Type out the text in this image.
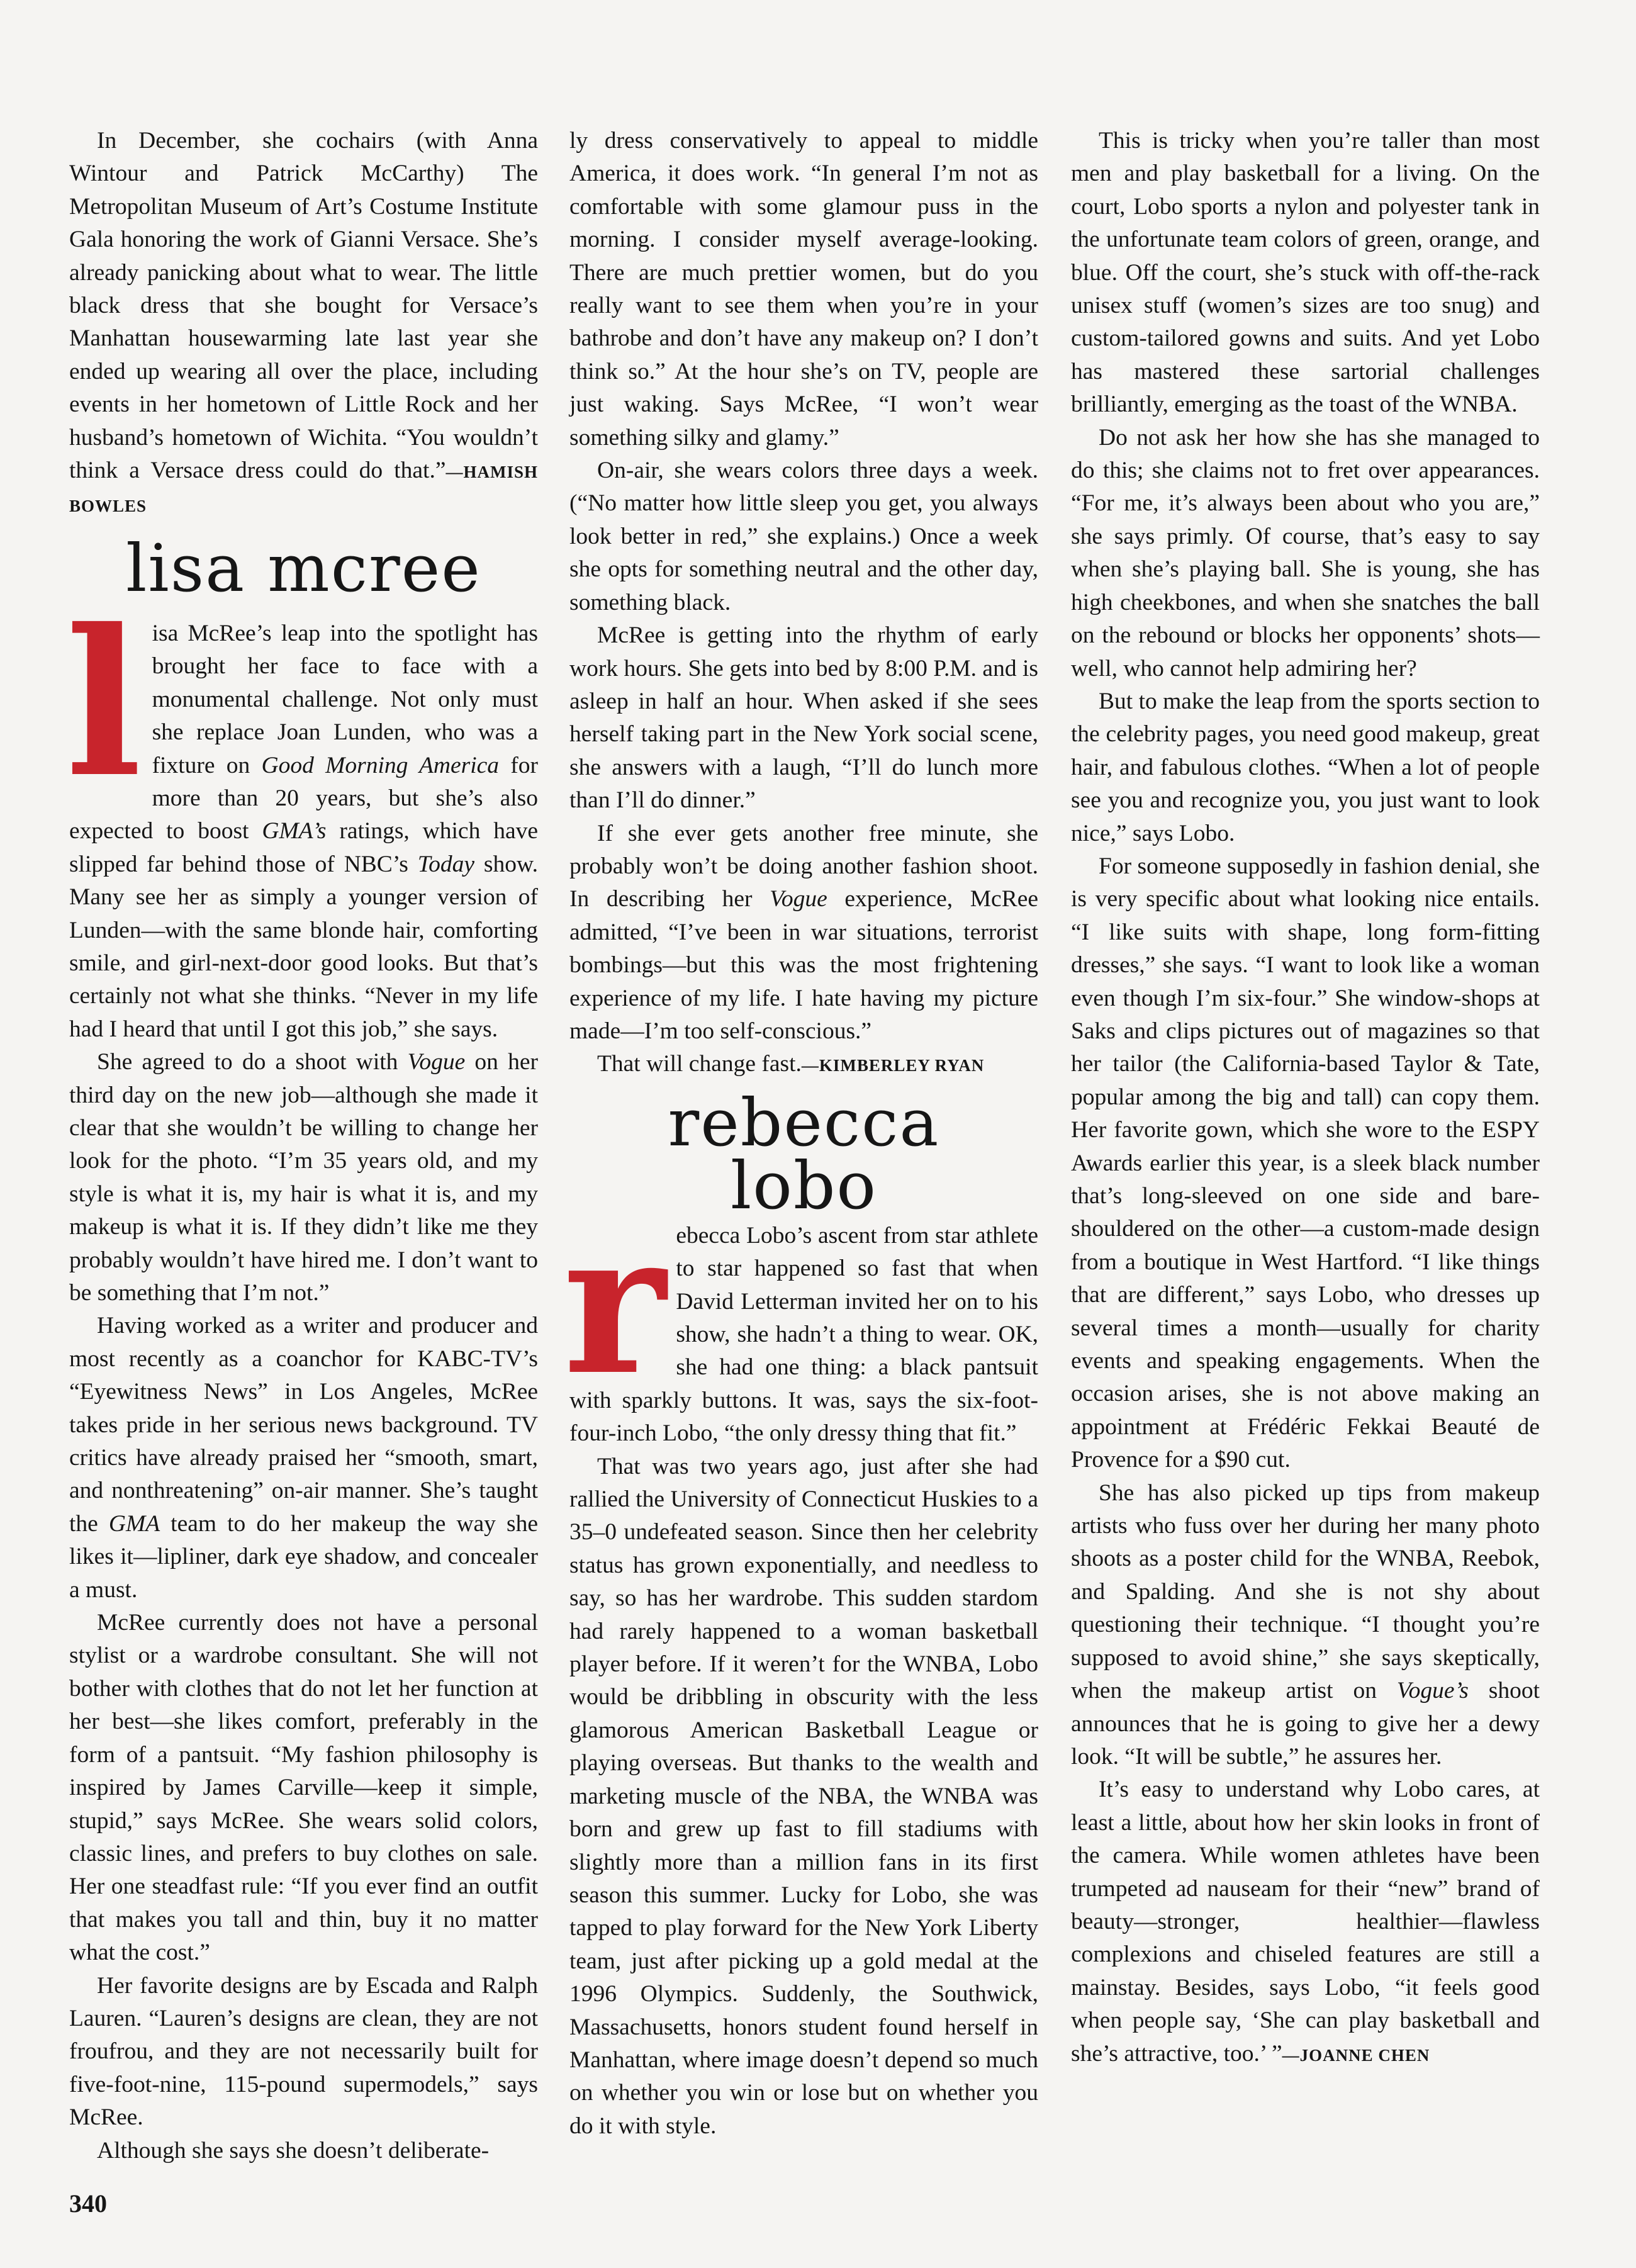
In December, she cochairs (with Anna Wintour and Patrick McCarthy) The Metropolitan Museum of Art’s Costume Institute Gala honoring the work of Gianni Versace. She’s already panicking about what to wear. The little black dress that she bought for Versace’s Manhattan housewarming late last year she ended up wearing all over the place, including events in her hometown of Little Rock and her husband’s hometown of Wichita. “You wouldn’t think a Versace dress could do that.”—HAMISH BOWLES

lisa mcree

lisa McRee’s leap into the spotlight has brought her face to face with a monumental challenge. Not only must she replace Joan Lunden, who was a fixture on Good Morning America for more than 20 years, but she’s also expected to boost GMA’s ratings, which have slipped far behind those of NBC’s Today show. Many see her as simply a younger version of Lunden—with the same blonde hair, comforting smile, and girl-next-door good looks. But that’s certainly not what she thinks. “Never in my life had I heard that until I got this job,” she says.

She agreed to do a shoot with Vogue on her third day on the new job—although she made it clear that she wouldn’t be willing to change her look for the photo. “I’m 35 years old, and my style is what it is, my hair is what it is, and my makeup is what it is. If they didn’t like me they probably wouldn’t have hired me. I don’t want to be something that I’m not.”

Having worked as a writer and producer and most recently as a coanchor for KABC-TV’s “Eyewitness News” in Los Angeles, McRee takes pride in her serious news background. TV critics have already praised her “smooth, smart, and nonthreatening” on-air manner. She’s taught the GMA team to do her makeup the way she likes it—lipliner, dark eye shadow, and concealer a must.

McRee currently does not have a personal stylist or a wardrobe consultant. She will not bother with clothes that do not let her function at her best—she likes comfort, preferably in the form of a pantsuit. “My fashion philosophy is inspired by James Carville—keep it simple, stupid,” says McRee. She wears solid colors, classic lines, and prefers to buy clothes on sale. Her one steadfast rule: “If you ever find an outfit that makes you tall and thin, buy it no matter what the cost.”

Her favorite designs are by Escada and Ralph Lauren. “Lauren’s designs are clean, they are not froufrou, and they are not necessarily built for five-foot-nine, 115-pound supermodels,” says McRee.

Although she says she doesn’t deliberate-

ly dress conservatively to appeal to middle America, it does work. “In general I’m not as comfortable with some glamour puss in the morning. I consider myself average-looking. There are much prettier women, but do you really want to see them when you’re in your bathrobe and don’t have any makeup on? I don’t think so.” At the hour she’s on TV, people are just waking. Says McRee, “I won’t wear something silky and glamy.”

On-air, she wears colors three days a week. (“No matter how little sleep you get, you always look better in red,” she explains.) Once a week she opts for something neutral and the other day, something black.

McRee is getting into the rhythm of early work hours. She gets into bed by 8:00 P.M. and is asleep in half an hour. When asked if she sees herself taking part in the New York social scene, she answers with a laugh, “I’ll do lunch more than I’ll do dinner.”

If she ever gets another free minute, she probably won’t be doing another fashion shoot. In describing her Vogue experience, McRee admitted, “I’ve been in war situations, terrorist bombings—but this was the most frightening experience of my life. I hate having my picture made—I’m too self-conscious.”

That will change fast.—KIMBERLEY RYAN

rebecca
lobo

rebecca Lobo’s ascent from star athlete to star happened so fast that when David Letterman invited her on to his show, she hadn’t a thing to wear. OK, she had one thing: a black pantsuit with sparkly buttons. It was, says the six-foot-four-inch Lobo, “the only dressy thing that fit.”

That was two years ago, just after she had rallied the University of Connecticut Huskies to a 35–0 undefeated season. Since then her celebrity status has grown exponentially, and needless to say, so has her wardrobe. This sudden stardom had rarely happened to a woman basketball player before. If it weren’t for the WNBA, Lobo would be dribbling in obscurity with the less glamorous American Basketball League or playing overseas. But thanks to the wealth and marketing muscle of the NBA, the WNBA was born and grew up fast to fill stadiums with slightly more than a million fans in its first season this summer. Lucky for Lobo, she was tapped to play forward for the New York Liberty team, just after picking up a gold medal at the 1996 Olympics. Suddenly, the Southwick, Massachusetts, honors student found herself in Manhattan, where image doesn’t depend so much on whether you win or lose but on whether you do it with style.

This is tricky when you’re taller than most men and play basketball for a living. On the court, Lobo sports a nylon and polyester tank in the unfortunate team colors of green, orange, and blue. Off the court, she’s stuck with off-the-rack unisex stuff (women’s sizes are too snug) and custom-tailored gowns and suits. And yet Lobo has mastered these sartorial challenges brilliantly, emerging as the toast of the WNBA.

Do not ask her how she has she managed to do this; she claims not to fret over appearances. “For me, it’s always been about who you are,” she says primly. Of course, that’s easy to say when she’s playing ball. She is young, she has high cheekbones, and when she snatches the ball on the rebound or blocks her opponents’ shots—well, who cannot help admiring her?

But to make the leap from the sports section to the celebrity pages, you need good makeup, great hair, and fabulous clothes. “When a lot of people see you and recognize you, you just want to look nice,” says Lobo.

For someone supposedly in fashion denial, she is very specific about what looking nice entails. “I like suits with shape, long form-fitting dresses,” she says. “I want to look like a woman even though I’m six-four.” She window-shops at Saks and clips pictures out of magazines so that her tailor (the California-based Taylor & Tate, popular among the big and tall) can copy them. Her favorite gown, which she wore to the ESPY Awards earlier this year, is a sleek black number that’s long-sleeved on one side and bare-shouldered on the other—a custom-made design from a boutique in West Hartford. “I like things that are different,” says Lobo, who dresses up several times a month—usually for charity events and speaking engagements. When the occasion arises, she is not above making an appointment at Frédéric Fekkai Beauté de Provence for a $90 cut.

She has also picked up tips from makeup artists who fuss over her during her many photo shoots as a poster child for the WNBA, Reebok, and Spalding. And she is not shy about questioning their technique. “I thought you’re supposed to avoid shine,” she says skeptically, when the makeup artist on Vogue’s shoot announces that he is going to give her a dewy look. “It will be subtle,” he assures her.

It’s easy to understand why Lobo cares, at least a little, about how her skin looks in front of the camera. While women athletes have been trumpeted ad nauseam for their “new” brand of beauty—stronger, healthier—flawless complexions and chiseled features are still a mainstay. Besides, says Lobo, “it feels good when people say, ‘She can play basketball and she’s attractive, too.’ ”—JOANNE CHEN

340
